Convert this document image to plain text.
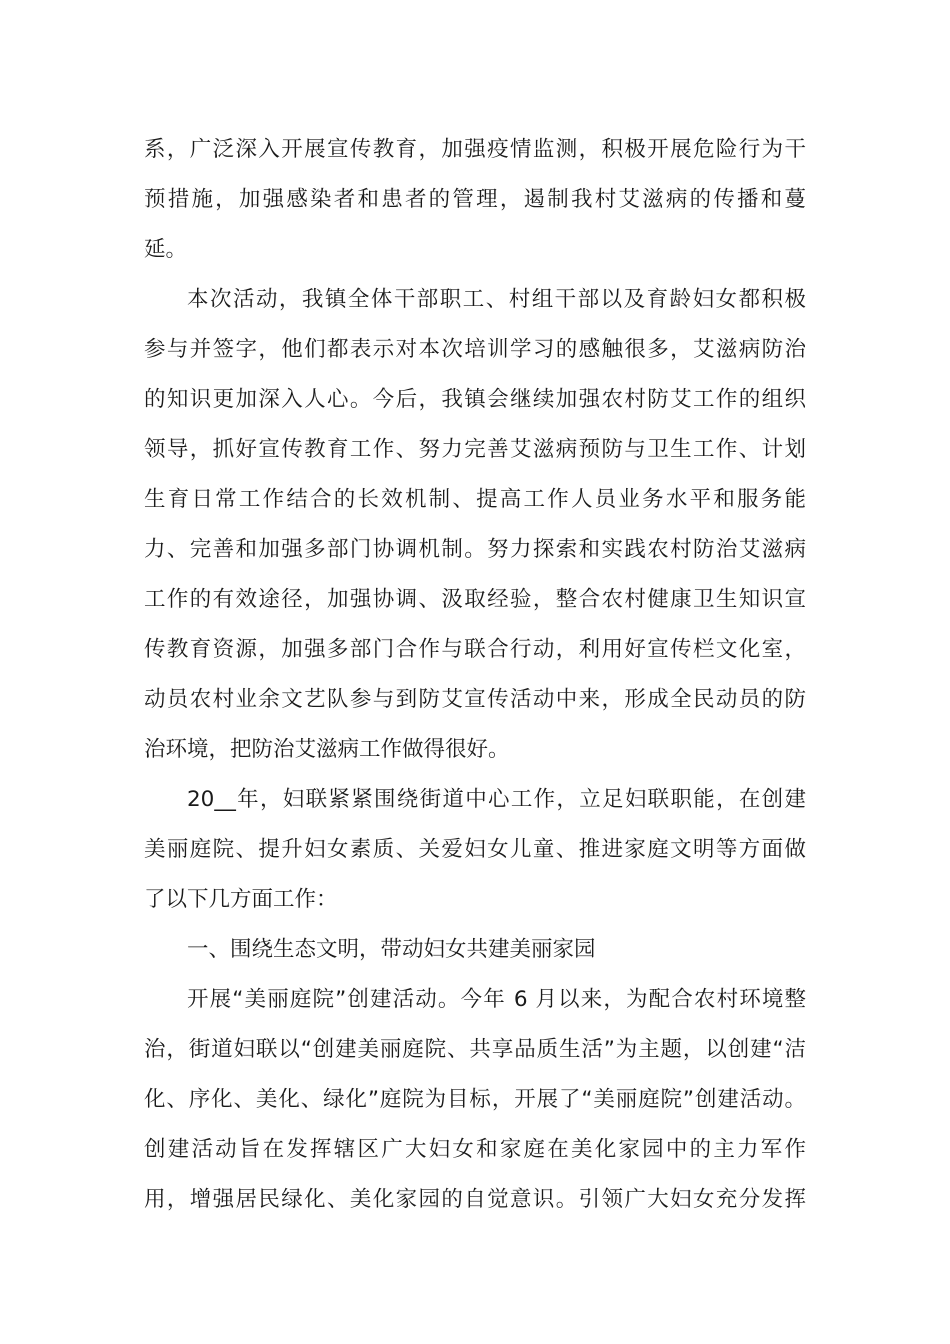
系，广泛深入开展宣传教育，加强疫情监测，积极开展危险行为干

预措施，加强感染者和患者的管理，遏制我村艾滋病的传播和蔓

延。

本次活动，我镇全体干部职工、村组干部以及育龄妇女都积极

参与并签字，他们都表示对本次培训学习的感触很多，艾滋病防治

的知识更加深入人心。今后，我镇会继续加强农村防艾工作的组织

领导，抓好宣传教育工作、努力完善艾滋病预防与卫生工作、计划

生育日常工作结合的长效机制、提高工作人员业务水平和服务能

力、完善和加强多部门协调机制。努力探索和实践农村防治艾滋病

工作的有效途径，加强协调、汲取经验，整合农村健康卫生知识宣

传教育资源，加强多部门合作与联合行动，利用好宣传栏文化室，

动员农村业余文艺队参与到防艾宣传活动中来，形成全民动员的防

治环境，把防治艾滋病工作做得很好。

20__年，妇联紧紧围绕街道中心工作，立足妇联职能，在创建

美丽庭院、提升妇女素质、关爱妇女儿童、推进家庭文明等方面做

了以下几方面工作：

一、围绕生态文明，带动妇女共建美丽家园

开展“美丽庭院”创建活动。今年 6 月以来，为配合农村环境整

治，街道妇联以“创建美丽庭院、共享品质生活”为主题，以创建“洁

化、序化、美化、绿化”庭院为目标，开展了“美丽庭院”创建活动。

创建活动旨在发挥辖区广大妇女和家庭在美化家园中的主力军作

用，增强居民绿化、美化家园的自觉意识。引领广大妇女充分发挥
